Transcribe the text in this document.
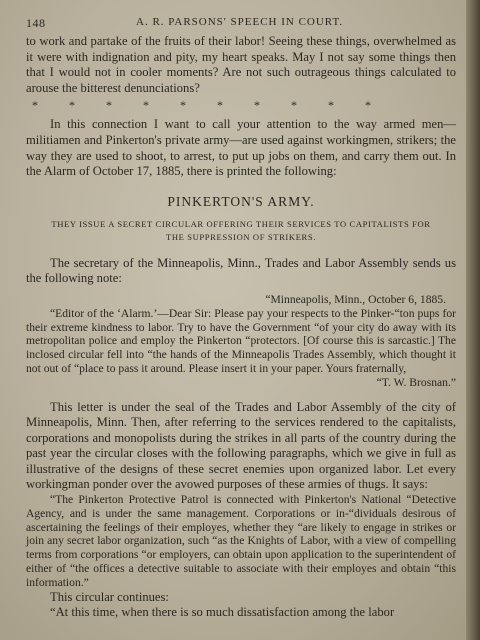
148	A. R. PARSONS' SPEECH IN COURT.

to work and partake of the fruits of their labor! Seeing these things, overwhelmed as it were with indignation and pity, my heart speaks. May I not say some things then that I would not in cooler moments? Are not such outrageous things calculated to arouse the bitterest denunciations?

* * * * * * * * * *

In this connection I want to call your attention to the way armed men—militiamen and Pinkerton's private army—are used against workingmen, strikers; the way they are used to shoot, to arrest, to put up jobs on them, and carry them out. In the Alarm of October 17, 1885, there is printed the following:

PINKERTON'S ARMY.
THEY ISSUE A SECRET CIRCULAR OFFERING THEIR SERVICES TO CAPITALISTS FOR
THE SUPPRESSION OF STRIKERS.

The secretary of the Minneapolis, Minn., Trades and Labor Assembly sends us the following note:

“Minneapolis, Minn., October 6, 1885.

“Editor of the ‘Alarm.’—Dear Sir: Please pay your respects to the Pinker-“ton pups for their extreme kindness to labor. Try to have the Government “of your city do away with its metropolitan police and employ the Pinkerton “protectors. [Of course this is sarcastic.] The inclosed circular fell into “the hands of the Minneapolis Trades Assembly, which thought it not out of “place to pass it around. Please insert it in your paper. Yours fraternally,

“T. W. Brosnan.”

This letter is under the seal of the Trades and Labor Assembly of the city of Minneapolis, Minn. Then, after referring to the services rendered to the capitalists, corporations and monopolists during the strikes in all parts of the country during the past year the circular closes with the following paragraphs, which we give in full as illustrative of the designs of these secret enemies upon organized labor. Let every workingman ponder over the avowed purposes of these armies of thugs. It says:

“The Pinkerton Protective Patrol is connected with Pinkerton's National “Detective Agency, and is under the same management. Corporations or in-“dividuals desirous of ascertaining the feelings of their employes, whether they “are likely to engage in strikes or join any secret labor organization, such “as the Knights of Labor, with a view of compelling terms from corporations “or employers, can obtain upon application to the superintendent of either of “the offices a detective suitable to associate with their employes and obtain “this information.”

This circular continues:

“At this time, when there is so much dissatisfaction among the labor
